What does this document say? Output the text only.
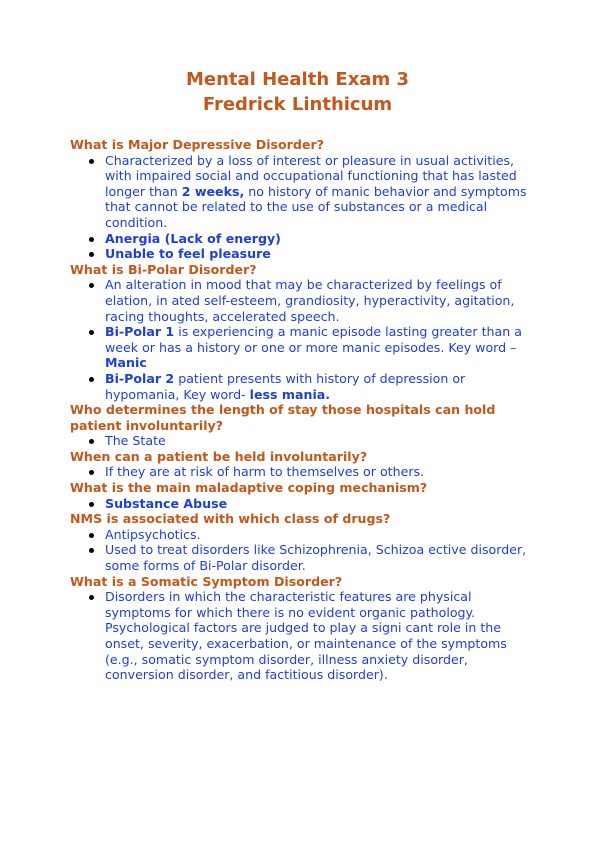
Mental Health Exam 3
Fredrick Linthicum

What is Major Depressive Disorder?

Characterized by a loss of interest or pleasure in usual activities, with impaired social and occupational functioning that has lasted longer than 2 weeks, no history of manic behavior and symptoms that cannot be related to the use of substances or a medical condition.
Anergia (Lack of energy)
Unable to feel pleasure

What is Bi-Polar Disorder?

An alteration in mood that may be characterized by feelings of elation, in ated self-esteem, grandiosity, hyperactivity, agitation, racing thoughts, accelerated speech.
Bi-Polar 1 is experiencing a manic episode lasting greater than a week or has a history or one or more manic episodes. Key word – Manic
Bi-Polar 2 patient presents with history of depression or hypomania, Key word- less mania.

Who determines the length of stay those hospitals can hold patient involuntarily?

The State

When can a patient be held involuntarily?

If they are at risk of harm to themselves or others.

What is the main maladaptive coping mechanism?

Substance Abuse

NMS is associated with which class of drugs?

Antipsychotics.
Used to treat disorders like Schizophrenia, Schizoa ective disorder, some forms of Bi-Polar disorder.

What is a Somatic Symptom Disorder?

Disorders in which the characteristic features are physical symptoms for which there is no evident organic pathology. Psychological factors are judged to play a signi cant role in the onset, severity, exacerbation, or maintenance of the symptoms (e.g., somatic symptom disorder, illness anxiety disorder, conversion disorder, and factitious disorder).
